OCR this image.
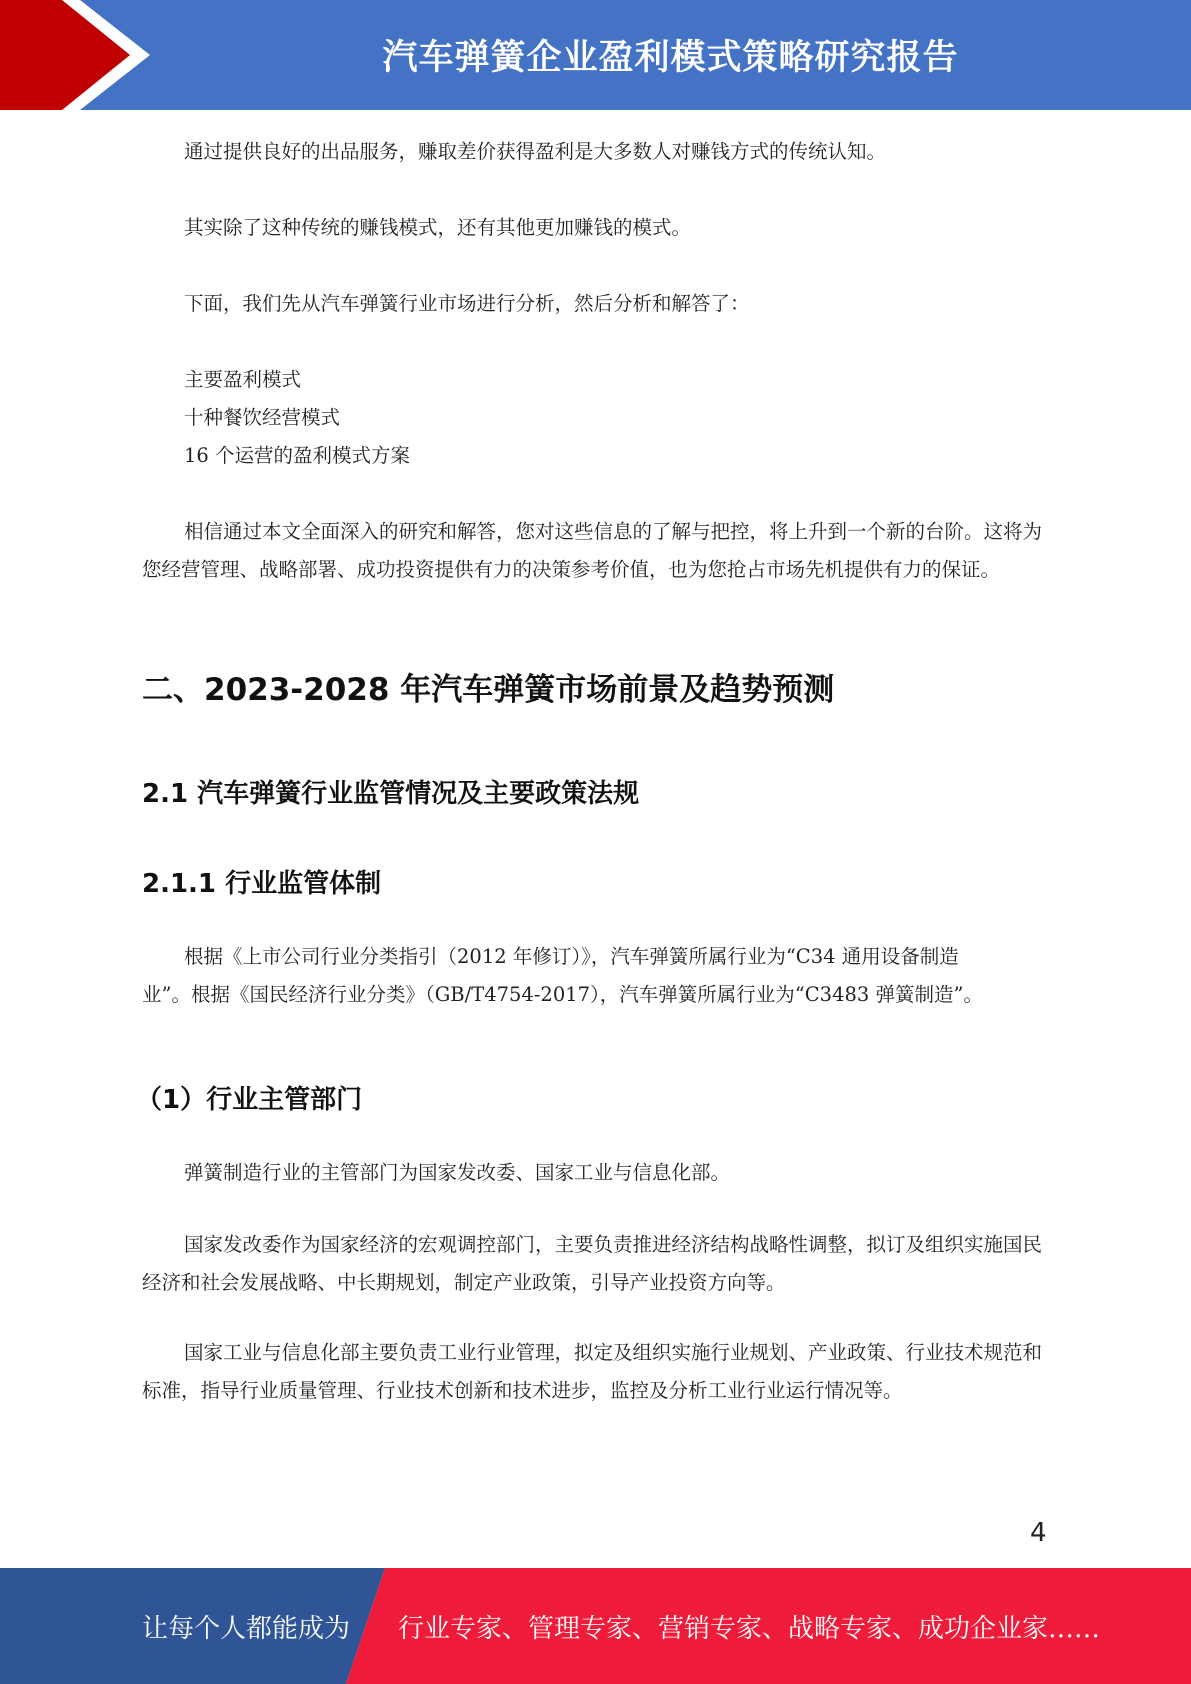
汽车弹簧企业盈利模式策略研究报告

通过提供良好的出品服务，赚取差价获得盈利是大多数人对赚钱方式的传统认知。

其实除了这种传统的赚钱模式，还有其他更加赚钱的模式。

下面，我们先从汽车弹簧行业市场进行分析，然后分析和解答了：

主要盈利模式

十种餐饮经营模式

16 个运营的盈利模式方案

相信通过本文全面深入的研究和解答，您对这些信息的了解与把控，将上升到一个新的台阶。这将为您经营管理、战略部署、成功投资提供有力的决策参考价值，也为您抢占市场先机提供有力的保证。

二、2023-2028 年汽车弹簧市场前景及趋势预测
2.1 汽车弹簧行业监管情况及主要政策法规
2.1.1 行业监管体制

根据《上市公司行业分类指引（2012 年修订）》，汽车弹簧所属行业为“C34 通用设备制造业”。根据《国民经济行业分类》（GB/T4754-2017），汽车弹簧所属行业为“C3483 弹簧制造”。

（1）行业主管部门

弹簧制造行业的主管部门为国家发改委、国家工业与信息化部。

国家发改委作为国家经济的宏观调控部门，主要负责推进经济结构战略性调整，拟订及组织实施国民经济和社会发展战略、中长期规划，制定产业政策，引导产业投资方向等。

国家工业与信息化部主要负责工业行业管理，拟定及组织实施行业规划、产业政策、行业技术规范和标准，指导行业质量管理、行业技术创新和技术进步，监控及分析工业行业运行情况等。

4
让每个人都能成为 行业专家、管理专家、营销专家、战略专家、成功企业家……
